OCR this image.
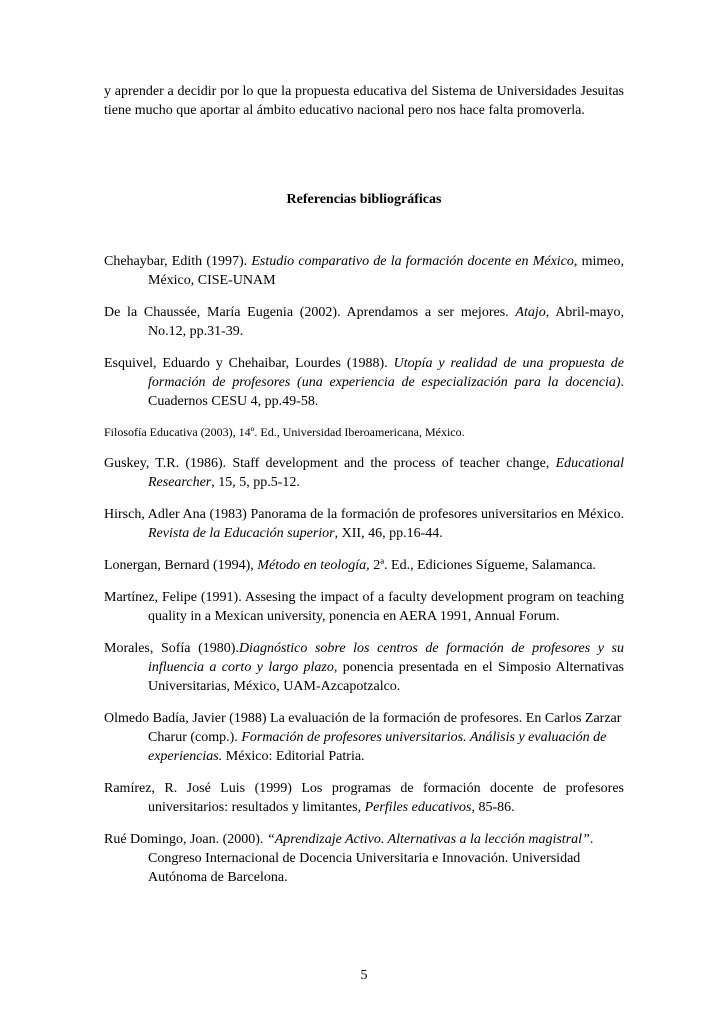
y aprender a decidir por lo que la propuesta educativa del Sistema de Universidades Jesuitas tiene mucho que aportar al ámbito educativo nacional pero nos hace falta promoverla.

Referencias bibliográficas

Chehaybar, Edith (1997). Estudio comparativo de la formación docente en México, mimeo, México, CISE-UNAM

De la Chaussée, María Eugenia (2002). Aprendamos a ser mejores. Atajo, Abril-mayo, No.12, pp.31-39.

Esquivel, Eduardo y Chehaibar, Lourdes (1988). Utopía y realidad de una propuesta de formación de profesores (una experiencia de especialización para la docencia). Cuadernos CESU 4, pp.49-58.

Filosofía Educativa (2003), 14º. Ed., Universidad Iberoamericana, México.

Guskey, T.R. (1986). Staff development and the process of teacher change, Educational Researcher, 15, 5, pp.5-12.

Hirsch, Adler Ana (1983) Panorama de la formación de profesores universitarios en México. Revista de la Educación superior, XII, 46, pp.16-44.

Lonergan, Bernard (1994), Método en teología, 2ª. Ed., Ediciones Sígueme, Salamanca.

Martínez, Felipe (1991). Assesing the impact of a faculty development program on teaching quality in a Mexican university, ponencia en AERA 1991, Annual Forum.

Morales, Sofía (1980).Diagnóstico sobre los centros de formación de profesores y su influencia a corto y largo plazo, ponencia presentada en el Simposio Alternativas Universitarias, México, UAM-Azcapotzalco.

Olmedo Badía, Javier (1988) La evaluación de la formación de profesores. En Carlos Zarzar Charur (comp.). Formación de profesores universitarios. Análisis y evaluación de experiencias. México: Editorial Patria.

Ramírez, R. José Luis (1999) Los programas de formación docente de profesores universitarios: resultados y limitantes, Perfiles educativos, 85-86.

Rué Domingo, Joan. (2000). “Aprendizaje Activo. Alternativas a la lección magistral”. Congreso Internacional de Docencia Universitaria e Innovación. Universidad Autónoma de Barcelona.

5
